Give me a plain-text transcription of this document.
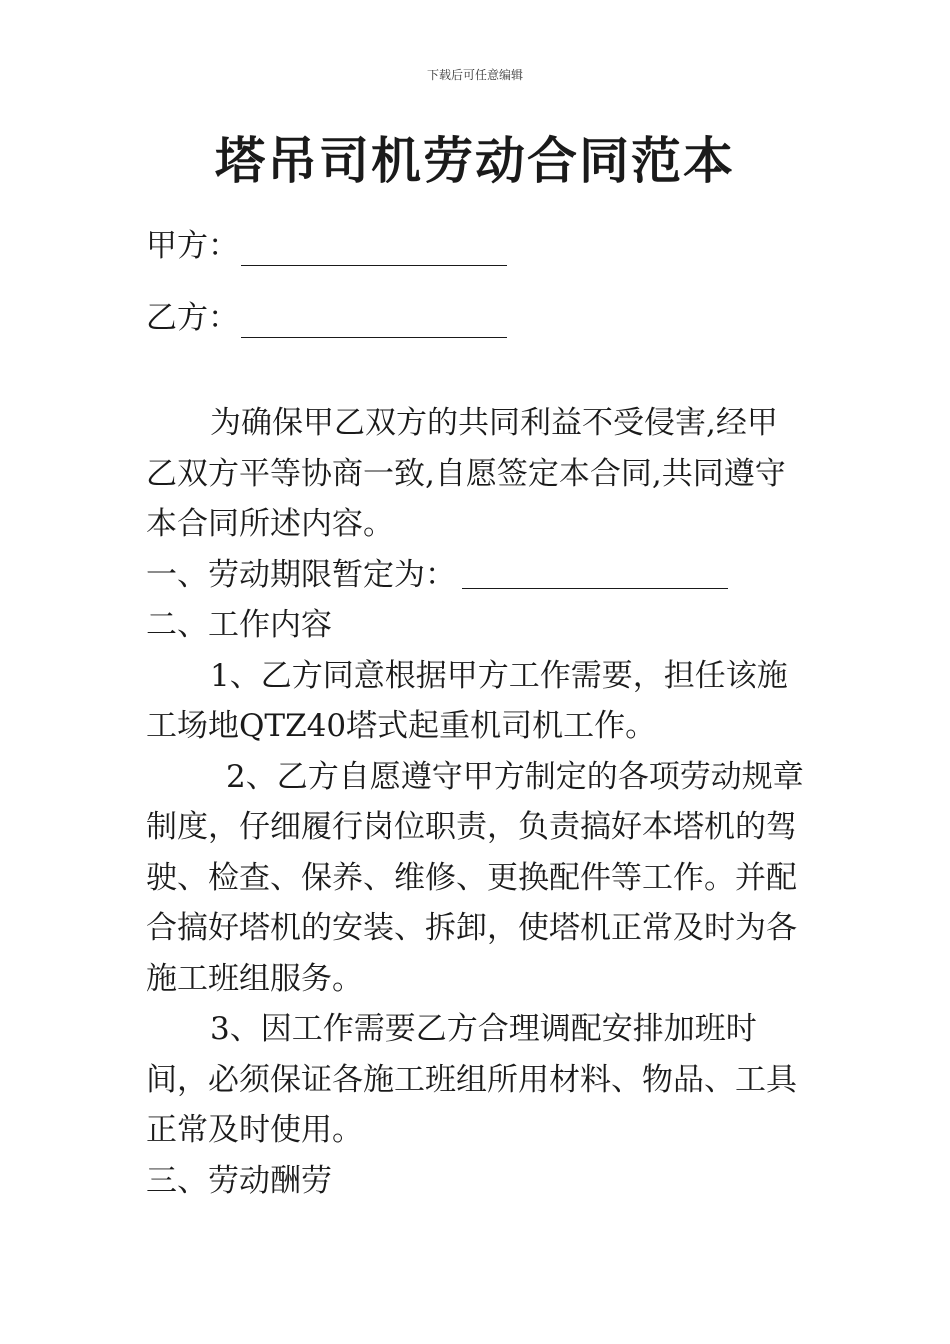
下载后可任意编辑
塔吊司机劳动合同范本
甲方：
乙方：

为确保甲乙双方的共同利益不受侵害,经甲乙双方平等协商一致,自愿签定本合同,共同遵守本合同所述内容。

一、劳动期限暂定为：

二、工作内容

1、乙方同意根据甲方工作需要，担任该施工场地QTZ40塔式起重机司机工作。

2、乙方自愿遵守甲方制定的各项劳动规章制度，仔细履行岗位职责，负责搞好本塔机的驾驶、检查、保养、维修、更换配件等工作。并配合搞好塔机的安装、拆卸，使塔机正常及时为各施工班组服务。

3、因工作需要乙方合理调配安排加班时间，必须保证各施工班组所用材料、物品、工具正常及时使用。

三、劳动酬劳
